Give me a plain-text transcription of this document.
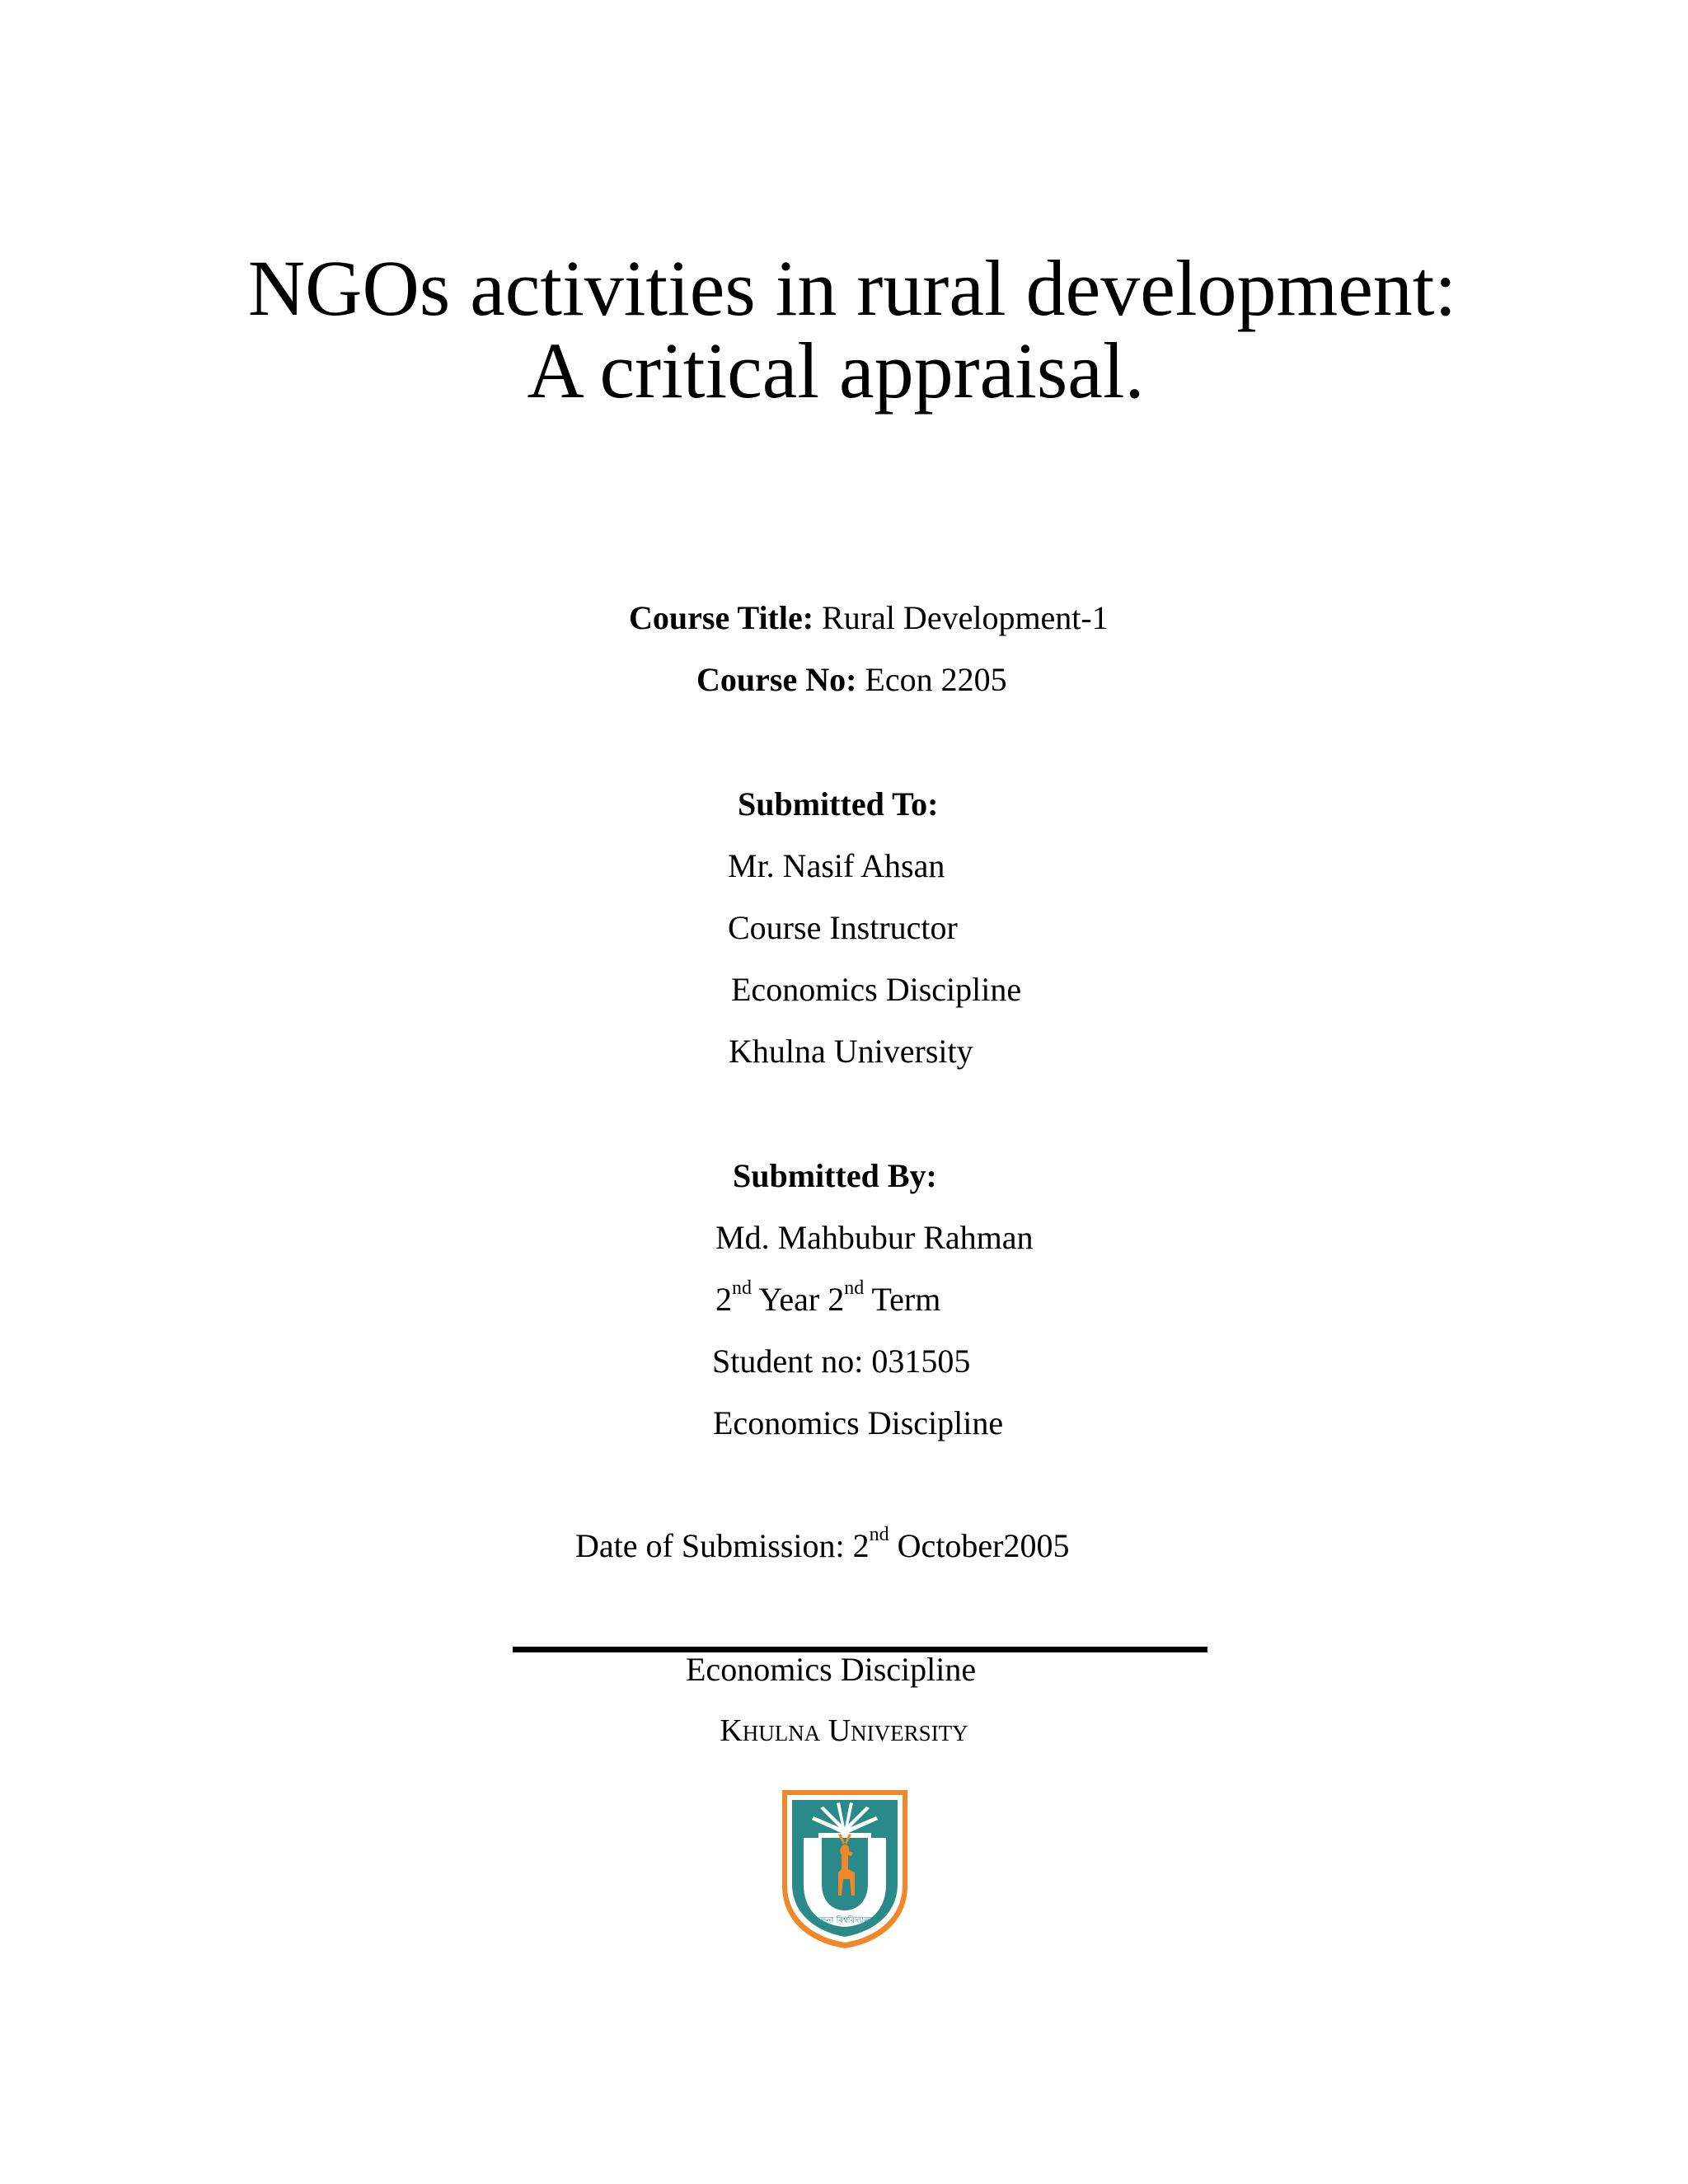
NGOs activities in rural development:
A critical appraisal.
Course Title: Rural Development-1
Course No: Econ 2205
Submitted To:
Mr. Nasif Ahsan
Course Instructor
Economics Discipline
Khulna University
Submitted By:
Md. Mahbubur Rahman
2nd Year 2nd Term
Student no: 031505
Economics Discipline
Date of Submission: 2nd October2005
Economics Discipline
Khulna University
খুলনা বিশ্ববিদ্যালয়
